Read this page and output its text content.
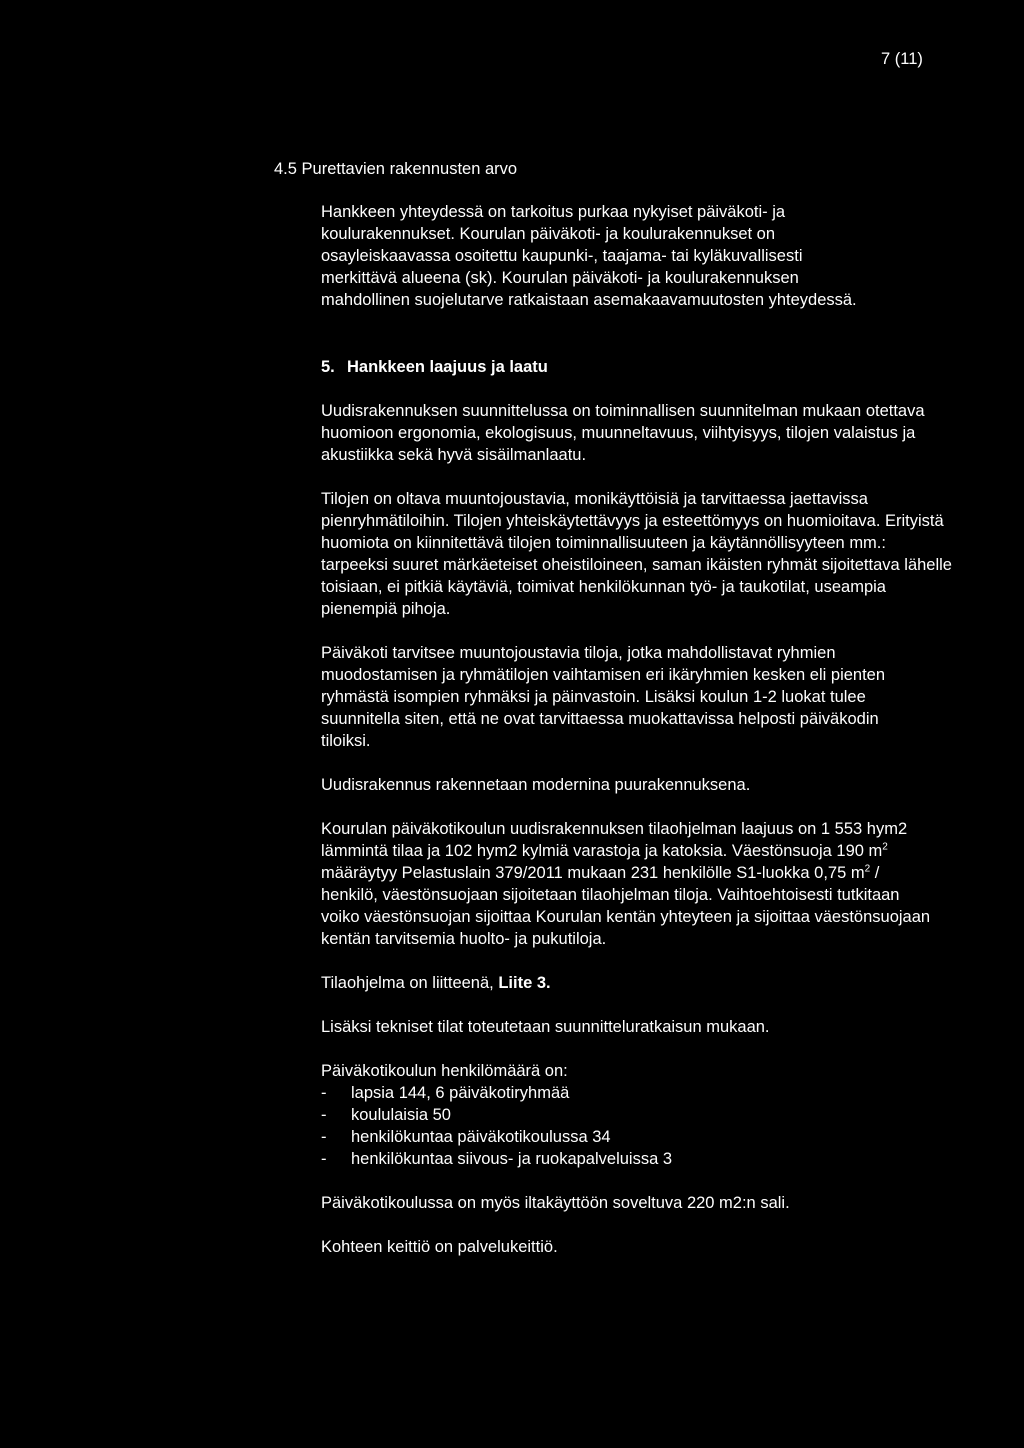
7 (11)
4.5 Purettavien rakennusten arvo

Hankkeen yhteydessä on tarkoitus purkaa nykyiset päiväkoti- ja koulurakennukset. Kourulan päiväkoti- ja koulurakennukset on osayleiskaavassa osoitettu kaupunki-, taajama- tai kyläkuvallisesti merkittävä alueena (sk). Kourulan päiväkoti- ja koulurakennuksen mahdollinen suojelutarve ratkaistaan asemakaavamuutosten yhteydessä.

5. Hankkeen laajuus ja laatu

Uudisrakennuksen suunnittelussa on toiminnallisen suunnitelman mukaan otettava huomioon ergonomia, ekologisuus, muunneltavuus, viihtyisyys, tilojen valaistus ja akustiikka sekä hyvä sisäilmanlaatu.

Tilojen on oltava muuntojoustavia, monikäyttöisiä ja tarvittaessa jaettavissa pienryhmätiloihin. Tilojen yhteiskäytettävyys ja esteettömyys on huomioitava. Erityistä huomiota on kiinnitettävä tilojen toiminnallisuuteen ja käytännöllisyyteen mm.: tarpeeksi suuret märkäeteiset oheistiloineen, saman ikäisten ryhmät sijoitettava lähelle toisiaan, ei pitkiä käytäviä, toimivat henkilökunnan työ- ja taukotilat, useampia pienempiä pihoja.

Päiväkoti tarvitsee muuntojoustavia tiloja, jotka mahdollistavat ryhmien muodostamisen ja ryhmätilojen vaihtamisen eri ikäryhmien kesken eli pienten ryhmästä isompien ryhmäksi ja päinvastoin. Lisäksi koulun 1-2 luokat tulee suunnitella siten, että ne ovat tarvittaessa muokattavissa helposti päiväkodin tiloiksi.

Uudisrakennus rakennetaan modernina puurakennuksena.

Kourulan päiväkotikoulun uudisrakennuksen tilaohjelman laajuus on 1 553 hym2 lämmintä tilaa ja 102 hym2 kylmiä varastoja ja katoksia. Väestönsuoja 190 $m^2$ määräytyy Pelastuslain 379/2011 mukaan 231 henkilölle S1-luokka 0,75 $m^2$ / henkilö, väestönsuojaan sijoitetaan tilaohjelman tiloja. Vaihtoehtoisesti tutkitaan voiko väestönsuojan sijoittaa Kourulan kentän yhteyteen ja sijoittaa väestönsuojaan kentän tarvitsemia huolto- ja pukutiloja.

Tilaohjelma on liitteenä, Liite 3.

Lisäksi tekniset tilat toteutetaan suunnitteluratkaisun mukaan.

Päiväkotikoulun henkilömäärä on:

- lapsia 144, 6 päiväkotiryhmää
- koululaisia 50
- henkilökuntaa päiväkotikoulussa 34
- henkilökuntaa siivous- ja ruokapalveluissa 3

Päiväkotikoulussa on myös iltakäyttöön soveltuva 220 m2:n sali.

Kohteen keittiö on palvelukeittiö.
